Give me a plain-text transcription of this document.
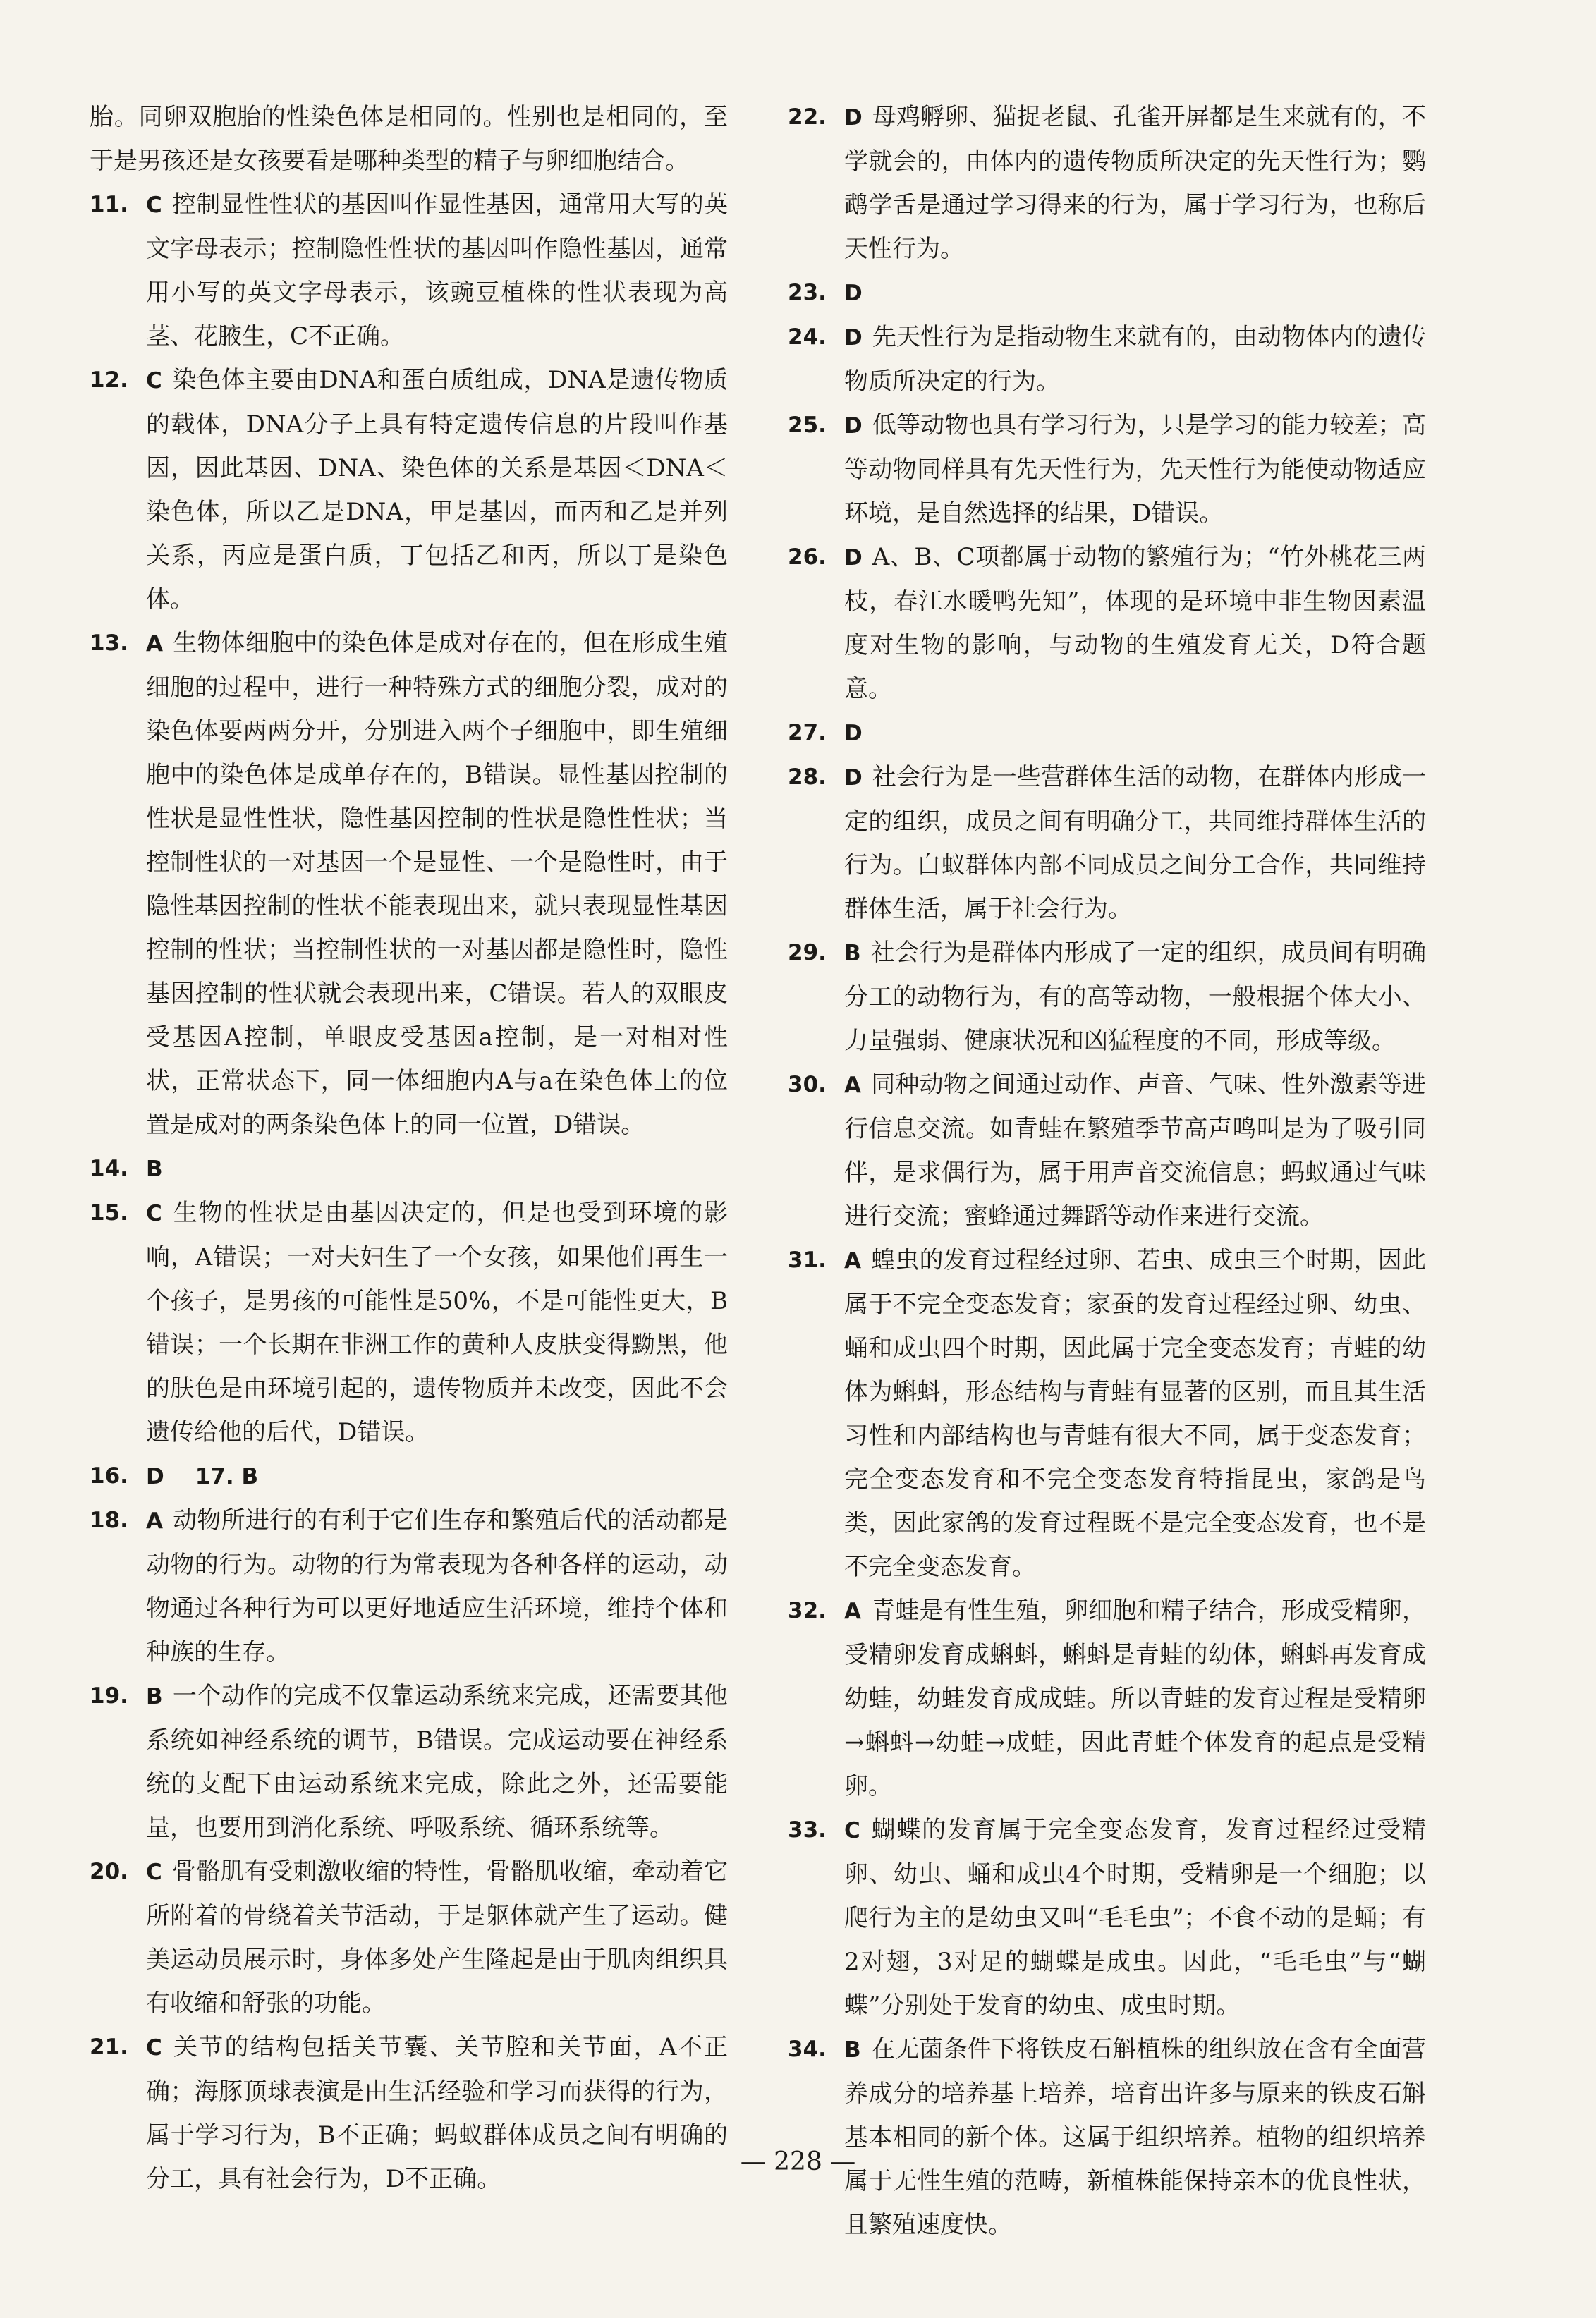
胎。同卵双胞胎的性染色体是相同的。性别也是相同的，至于是男孩还是女孩要看是哪种类型的精子与卵细胞结合。

11. C 控制显性性状的基因叫作显性基因，通常用大写的英文字母表示；控制隐性性状的基因叫作隐性基因，通常用小写的英文字母表示，该豌豆植株的性状表现为高茎、花腋生，C不正确。
12. C 染色体主要由DNA和蛋白质组成，DNA是遗传物质的载体，DNA分子上具有特定遗传信息的片段叫作基因，因此基因、DNA、染色体的关系是基因＜DNA＜染色体，所以乙是DNA，甲是基因，而丙和乙是并列关系，丙应是蛋白质，丁包括乙和丙，所以丁是染色体。
13. A 生物体细胞中的染色体是成对存在的，但在形成生殖细胞的过程中，进行一种特殊方式的细胞分裂，成对的染色体要两两分开，分别进入两个子细胞中，即生殖细胞中的染色体是成单存在的，B错误。显性基因控制的性状是显性性状，隐性基因控制的性状是隐性性状；当控制性状的一对基因一个是显性、一个是隐性时，由于隐性基因控制的性状不能表现出来，就只表现显性基因控制的性状；当控制性状的一对基因都是隐性时，隐性基因控制的性状就会表现出来，C错误。若人的双眼皮受基因A控制，单眼皮受基因a控制，是一对相对性状，正常状态下，同一体细胞内A与a在染色体上的位置是成对的两条染色体上的同一位置，D错误。
14. B
15. C 生物的性状是由基因决定的，但是也受到环境的影响，A错误；一对夫妇生了一个女孩，如果他们再生一个孩子，是男孩的可能性是50%，不是可能性更大，B错误；一个长期在非洲工作的黄种人皮肤变得黝黑，他的肤色是由环境引起的，遗传物质并未改变，因此不会遗传给他的后代，D错误。
16. D 17. B
18. A 动物所进行的有利于它们生存和繁殖后代的活动都是动物的行为。动物的行为常表现为各种各样的运动，动物通过各种行为可以更好地适应生活环境，维持个体和种族的生存。
19. B 一个动作的完成不仅靠运动系统来完成，还需要其他系统如神经系统的调节，B错误。完成运动要在神经系统的支配下由运动系统来完成，除此之外，还需要能量，也要用到消化系统、呼吸系统、循环系统等。
20. C 骨骼肌有受刺激收缩的特性，骨骼肌收缩，牵动着它所附着的骨绕着关节活动，于是躯体就产生了运动。健美运动员展示时，身体多处产生隆起是由于肌肉组织具有收缩和舒张的功能。
21. C 关节的结构包括关节囊、关节腔和关节面，A不正确；海豚顶球表演是由生活经验和学习而获得的行为，属于学习行为，B不正确；蚂蚁群体成员之间有明确的分工，具有社会行为，D不正确。
22. D 母鸡孵卵、猫捉老鼠、孔雀开屏都是生来就有的，不学就会的，由体内的遗传物质所决定的先天性行为；鹦鹉学舌是通过学习得来的行为，属于学习行为，也称后天性行为。
23. D
24. D 先天性行为是指动物生来就有的，由动物体内的遗传物质所决定的行为。
25. D 低等动物也具有学习行为，只是学习的能力较差；高等动物同样具有先天性行为，先天性行为能使动物适应环境，是自然选择的结果，D错误。
26. D A、B、C项都属于动物的繁殖行为；“竹外桃花三两枝，春江水暖鸭先知”，体现的是环境中非生物因素温度对生物的影响，与动物的生殖发育无关，D符合题意。
27. D
28. D 社会行为是一些营群体生活的动物，在群体内形成一定的组织，成员之间有明确分工，共同维持群体生活的行为。白蚁群体内部不同成员之间分工合作，共同维持群体生活，属于社会行为。
29. B 社会行为是群体内形成了一定的组织，成员间有明确分工的动物行为，有的高等动物，一般根据个体大小、力量强弱、健康状况和凶猛程度的不同，形成等级。
30. A 同种动物之间通过动作、声音、气味、性外激素等进行信息交流。如青蛙在繁殖季节高声鸣叫是为了吸引同伴，是求偶行为，属于用声音交流信息；蚂蚁通过气味进行交流；蜜蜂通过舞蹈等动作来进行交流。
31. A 蝗虫的发育过程经过卵、若虫、成虫三个时期，因此属于不完全变态发育；家蚕的发育过程经过卵、幼虫、蛹和成虫四个时期，因此属于完全变态发育；青蛙的幼体为蝌蚪，形态结构与青蛙有显著的区别，而且其生活习性和内部结构也与青蛙有很大不同，属于变态发育；完全变态发育和不完全变态发育特指昆虫，家鸽是鸟类，因此家鸽的发育过程既不是完全变态发育，也不是不完全变态发育。
32. A 青蛙是有性生殖，卵细胞和精子结合，形成受精卵，受精卵发育成蝌蚪，蝌蚪是青蛙的幼体，蝌蚪再发育成幼蛙，幼蛙发育成成蛙。所以青蛙的发育过程是受精卵→蝌蚪→幼蛙→成蛙，因此青蛙个体发育的起点是受精卵。
33. C 蝴蝶的发育属于完全变态发育，发育过程经过受精卵、幼虫、蛹和成虫4个时期，受精卵是一个细胞；以爬行为主的是幼虫又叫“毛毛虫”；不食不动的是蛹；有2对翅，3对足的蝴蝶是成虫。因此，“毛毛虫”与“蝴蝶”分别处于发育的幼虫、成虫时期。
34. B 在无菌条件下将铁皮石斛植株的组织放在含有全面营养成分的培养基上培养，培育出许多与原来的铁皮石斛基本相同的新个体。这属于组织培养。植物的组织培养属于无性生殖的范畴，新植株能保持亲本的优良性状，且繁殖速度快。
— 228 —
